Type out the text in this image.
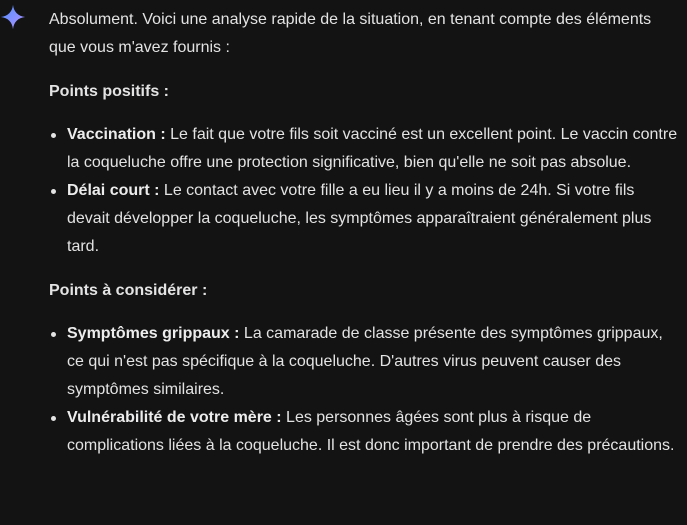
Absolument. Voici une analyse rapide de la situation, en tenant compte des éléments que vous m'avez fournis :

Points positifs :

Vaccination : Le fait que votre fils soit vacciné est un excellent point. Le vaccin contre la coqueluche offre une protection significative, bien qu'elle ne soit pas absolue.
Délai court : Le contact avec votre fille a eu lieu il y a moins de 24h. Si votre fils devait développer la coqueluche, les symptômes apparaîtraient généralement plus tard.

Points à considérer :

Symptômes grippaux : La camarade de classe présente des symptômes grippaux, ce qui n'est pas spécifique à la coqueluche. D'autres virus peuvent causer des symptômes similaires.
Vulnérabilité de votre mère : Les personnes âgées sont plus à risque de complications liées à la coqueluche. Il est donc important de prendre des précautions.
